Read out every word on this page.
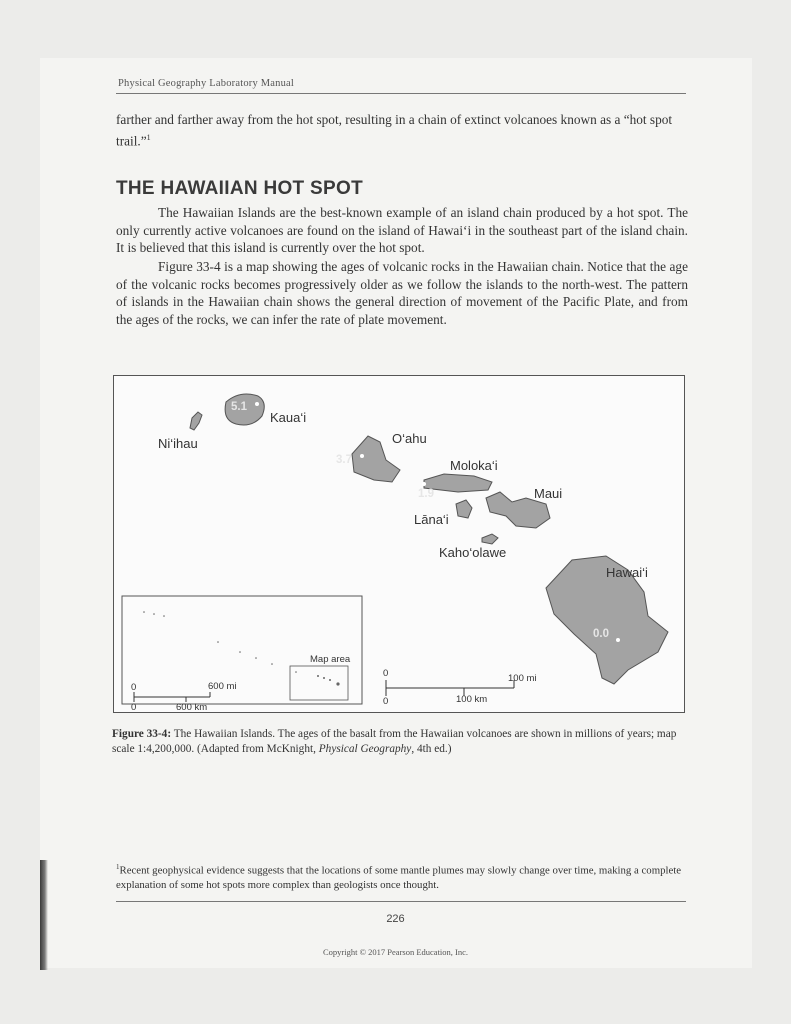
Physical Geography Laboratory Manual
farther and farther away from the hot spot, resulting in a chain of extinct volcanoes known as a “hot spot trail.”$^1$
THE HAWAIIAN HOT SPOT
The Hawaiian Islands are the best-known example of an island chain produced by a hot spot. The only currently active volcanoes are found on the island of Hawai‘i in the southeast part of the island chain. It is believed that this island is currently over the hot spot.
Figure 33-4 is a map showing the ages of volcanic rocks in the Hawaiian chain. Notice that the age of the volcanic rocks becomes progressively older as we follow the islands to the north-west. The pattern of islands in the Hawaiian chain shows the general direction of movement of the Pacific Plate, and from the ages of the rocks, we can infer the rate of plate movement.
Ni‘ihau
Kaua‘i
O‘ahu
Moloka‘i
Maui
Lāna‘i
Kaho‘olawe
Hawai‘i
5.1
3.7
1.9
0.0
Map area
0	600 mi
0	600 km
0	100 mi
0	100 km
Figure 33-4: The Hawaiian Islands. The ages of the basalt from the Hawaiian volcanoes are shown in millions of years; map scale 1:4,200,000. (Adapted from McKnight, Physical Geography, 4th ed.)
$^1$Recent geophysical evidence suggests that the locations of some mantle plumes may slowly change over time, making a complete explanation of some hot spots more complex than geologists once thought.
226
Copyright © 2017 Pearson Education, Inc.
